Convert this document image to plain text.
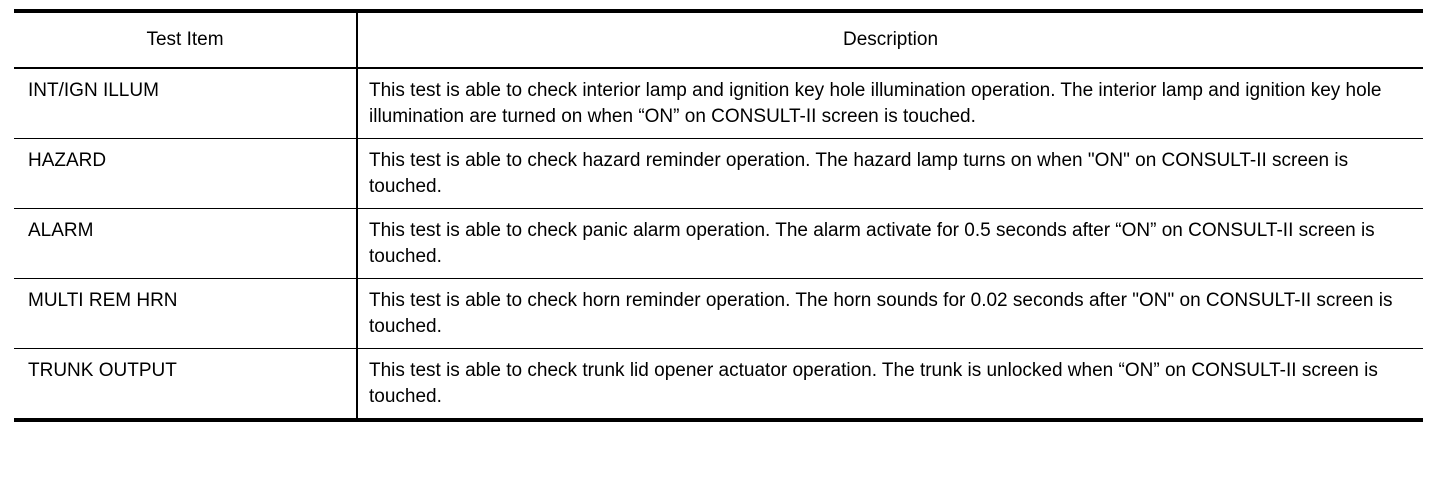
Test Item	Description
INT/IGN ILLUM	This test is able to check interior lamp and ignition key hole illumination operation. The interior lamp and ignition key hole illumination are turned on when “ON” on CONSULT-II screen is touched.
HAZARD	This test is able to check hazard reminder operation. The hazard lamp turns on when "ON" on CONSULT-II screen is touched.
ALARM	This test is able to check panic alarm operation. The alarm activate for 0.5 seconds after “ON” on CONSULT-II screen is touched.
MULTI REM HRN	This test is able to check horn reminder operation. The horn sounds for 0.02 seconds after "ON" on CONSULT-II screen is touched.
TRUNK OUTPUT	This test is able to check trunk lid opener actuator operation. The trunk is unlocked when “ON” on CONSULT-II screen is touched.
